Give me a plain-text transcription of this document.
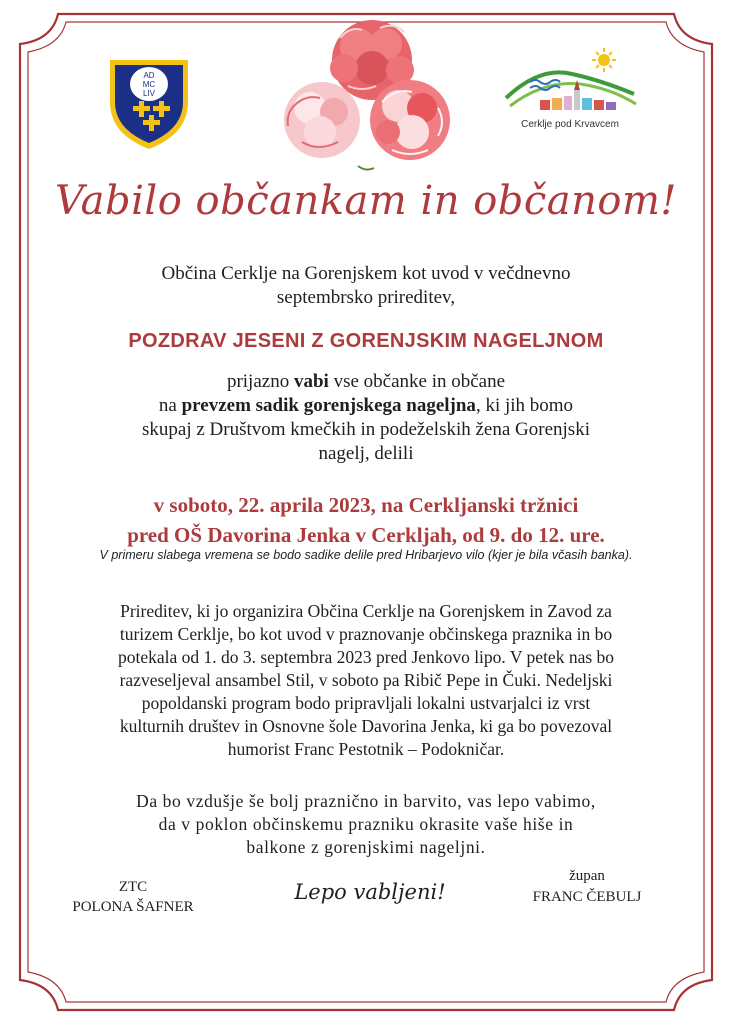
AD
MC
LIV
Cerklje pod Krvavcem
Vabilo občankam in občanom!
Občina Cerklje na Gorenjskem kot uvod v večdnevno
septembrsko prireditev,
POZDRAV JESENI Z GORENJSKIM NAGELJNOM
prijazno vabi vse občanke in občane
na prevzem sadik gorenjskega nageljna, ki jih bomo
skupaj z Društvom kmečkih in podeželskih žena Gorenjski
nagelj, delili
v soboto, 22. aprila 2023, na Cerkljanski tržnici
pred OŠ Davorina Jenka v Cerkljah, od 9. do 12. ure.
V primeru slabega vremena se bodo sadike delile pred Hribarjevo vilo (kjer je bila včasih banka).
Prireditev, ki jo organizira Občina Cerklje na Gorenjskem in Zavod za
turizem Cerklje, bo kot uvod v praznovanje občinskega praznika in bo
potekala od 1. do 3. septembra 2023 pred Jenkovo lipo. V petek nas bo
razveseljeval ansambel Stil, v soboto pa Ribič Pepe in Čuki. Nedeljski
popoldanski program bodo pripravljali lokalni ustvarjalci iz vrst
kulturnih društev in Osnovne šole Davorina Jenka, ki ga bo povezoval
humorist Franc Pestotnik – Podokničar.
Da bo vzdušje še bolj praznično in barvito, vas lepo vabimo,
da v poklon občinskemu prazniku okrasite vaše hiše in
balkone z gorenjskimi nageljni.
ZTC
POLONA ŠAFNER
Lepo vabljeni!
župan
FRANC ČEBULJ
